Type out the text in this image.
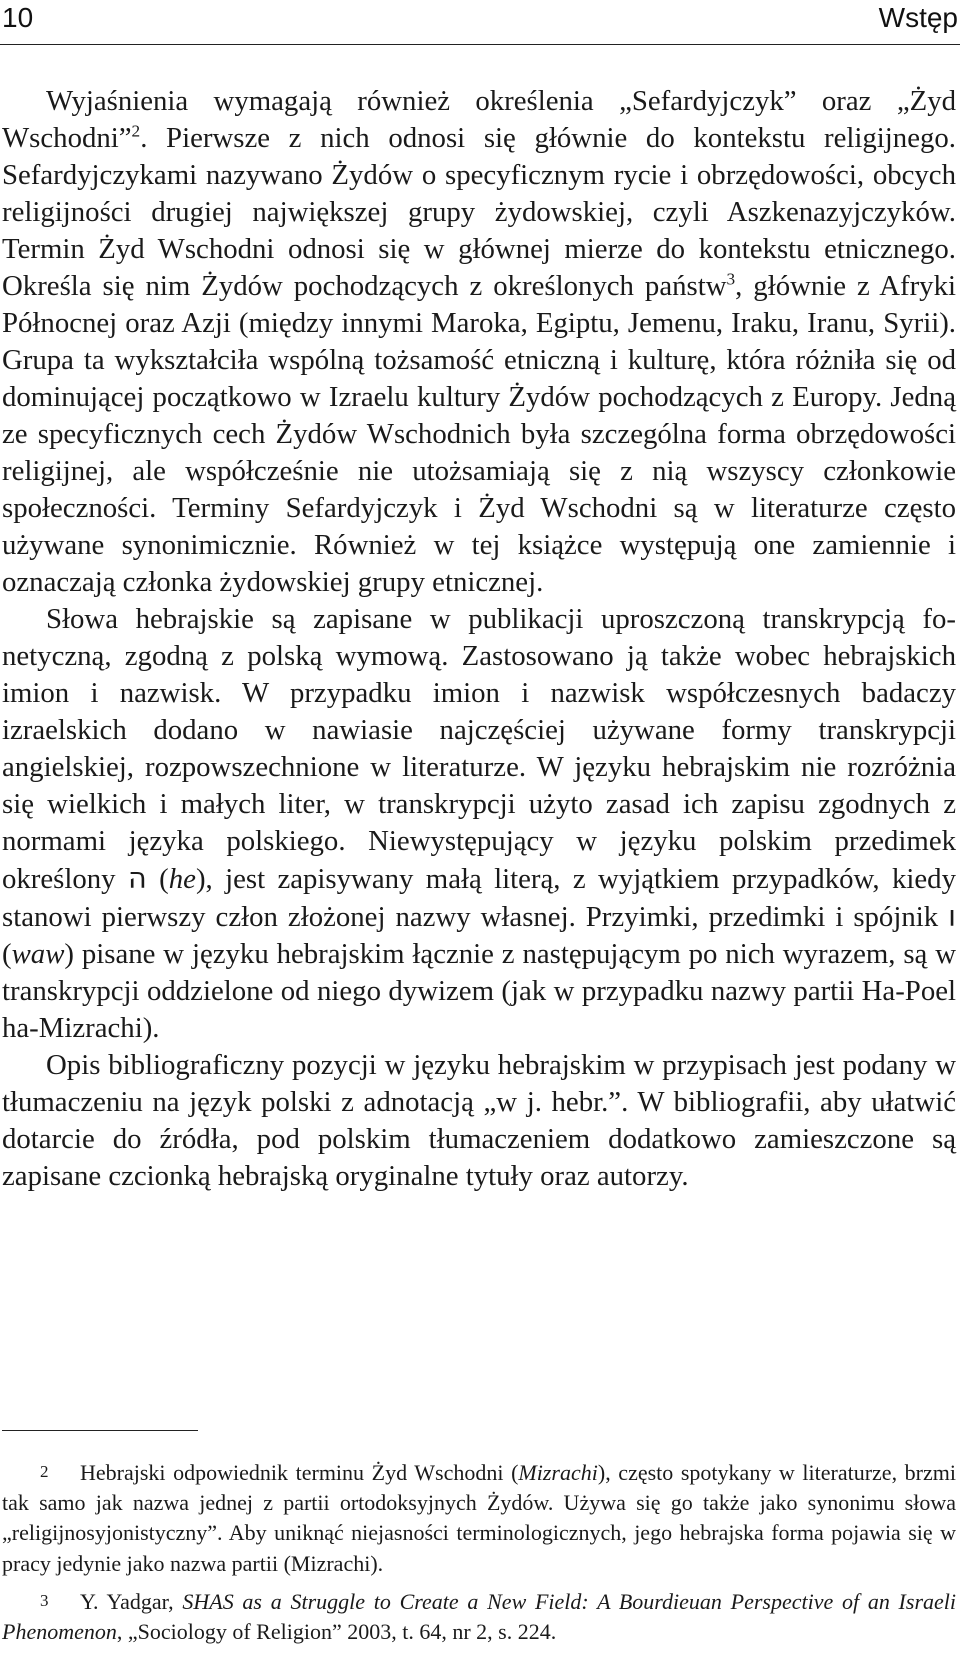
10	Wstęp

Wyjaśnienia wymagają również określenia „Sefardyjczyk” oraz „Żyd Wschodni”$^2$. Pierwsze z nich odnosi się głównie do kontekstu religijnego. Sefardyjczykami nazywano Żydów o specyficznym rycie i obrzędowości, obcych religijności drugiej największej grupy żydowskiej, czyli Aszkenazyjczyków. Termin Żyd Wschodni odnosi się w głównej mierze do kontekstu etnicznego. Określa się nim Żydów pochodzących z określonych państw$^3$, głównie z Afryki Północnej oraz Azji (między innymi Maroka, Egiptu, Jemenu, Iraku, Iranu, Syrii). Grupa ta wykształciła wspólną tożsamość etniczną i kulturę, która różniła się od dominującej początkowo w Izraelu kultury Żydów pochodzących z Europy. Jedną ze specyficznych cech Żydów Wschodnich była szczególna forma obrzędowości religijnej, ale współcześnie nie utożsamiają się z nią wszyscy członkowie społeczności. Terminy Sefardyjczyk i Żyd Wschodni są w literaturze często używane synonimicznie. Również w tej książce występują one zamiennie i oznaczają członka żydowskiej grupy etnicznej.

Słowa hebrajskie są zapisane w publikacji uproszczoną transkrypcją fonetyczną, zgodną z polską wymową. Zastosowano ją także wobec hebrajskich imion i nazwisk. W przypadku imion i nazwisk współczesnych badaczy izraelskich dodano w nawiasie najczęściej używane formy transkrypcji angielskiej, rozpowszechnione w literaturze. W języku hebrajskim nie rozróżnia się wielkich i małych liter, w transkrypcji użyto zasad ich zapisu zgodnych z normami języka polskiego. Niewystępujący w języku polskim przedimek określony ה (he), jest zapisywany małą literą, z wyjątkiem przypadków, kiedy stanowi pierwszy człon złożonej nazwy własnej. Przyimki, przedimki i spójnik ו (waw) pisane w języku hebrajskim łącznie z następującym po nich wyrazem, są w transkrypcji oddzielone od niego dywizem (jak w przypadku nazwy partii Ha-Poel ha-Mizrachi).

Opis bibliograficzny pozycji w języku hebrajskim w przypisach jest podany w tłumaczeniu na język polski z adnotacją „w j. hebr.”. W bibliografii, aby ułatwić dotarcie do źródła, pod polskim tłumaczeniem dodatkowo zamieszczone są zapisane czcionką hebrajską oryginalne tytuły oraz autorzy.

2 Hebrajski odpowiednik terminu Żyd Wschodni (Mizrachi), często spotykany w literaturze, brzmi tak samo jak nazwa jednej z partii ortodoksyjnych Żydów. Używa się go także jako synonimu słowa „religijnosyjonistyczny”. Aby uniknąć niejasności terminologicznych, jego hebrajska forma pojawia się w pracy jedynie jako nazwa partii (Mizrachi).

3 Y. Yadgar, SHAS as a Struggle to Create a New Field: A Bourdieuan Perspective of an Israeli Phenomenon, „Sociology of Religion” 2003, t. 64, nr 2, s. 224.
